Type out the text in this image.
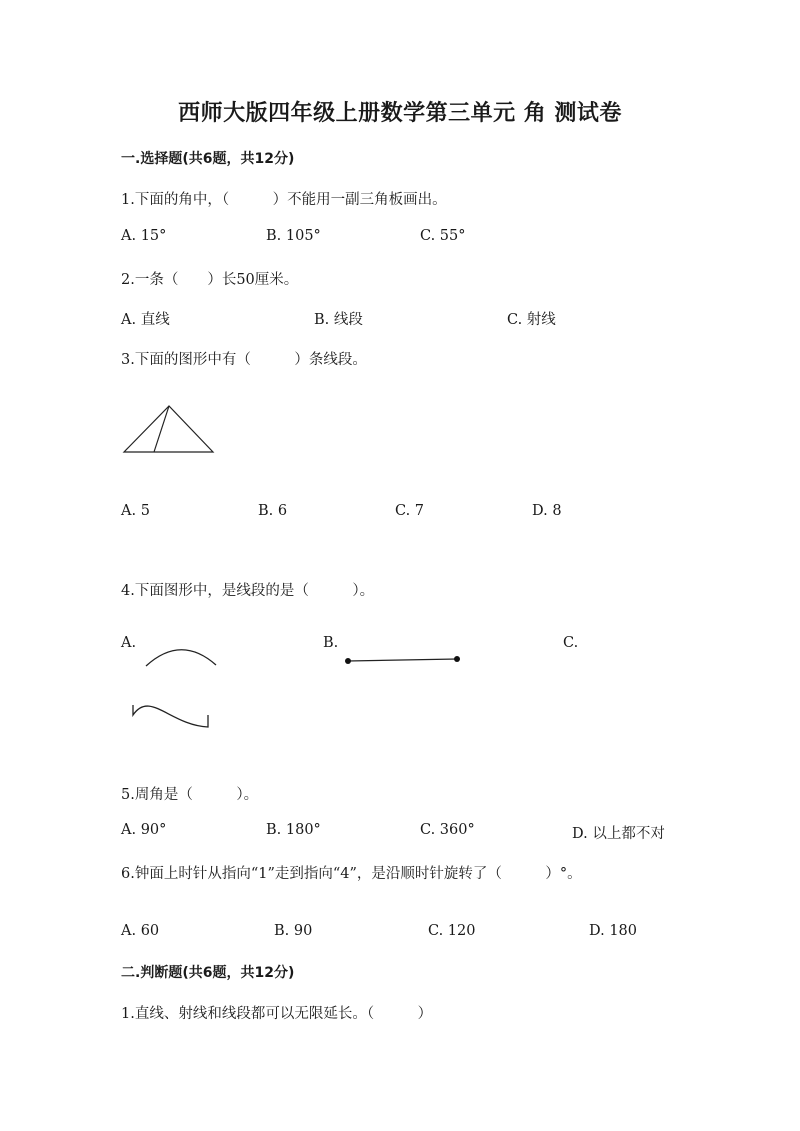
西师大版四年级上册数学第三单元 角 测试卷
一.选择题(共6题，共12分)
1.下面的角中，（　　　）不能用一副三角板画出。
A. 15°	B. 105°	C. 55°
2.一条（　　）长50厘米。
A. 直线	B. 线段	C. 射线
3.下面的图形中有（　　　）条线段。
A. 5	B. 6	C. 7	D. 8
4.下面图形中，是线段的是（　　　）。
A.	B.	C.
5.周角是（　　　）。
A. 90°	B. 180°	C. 360°	D. 以上都不对
6.钟面上时针从指向“1”走到指向“4”，是沿顺时针旋转了（　　　）°。
A. 60	B. 90	C. 120	D. 180
二.判断题(共6题，共12分)
1.直线、射线和线段都可以无限延长。（　　　）
